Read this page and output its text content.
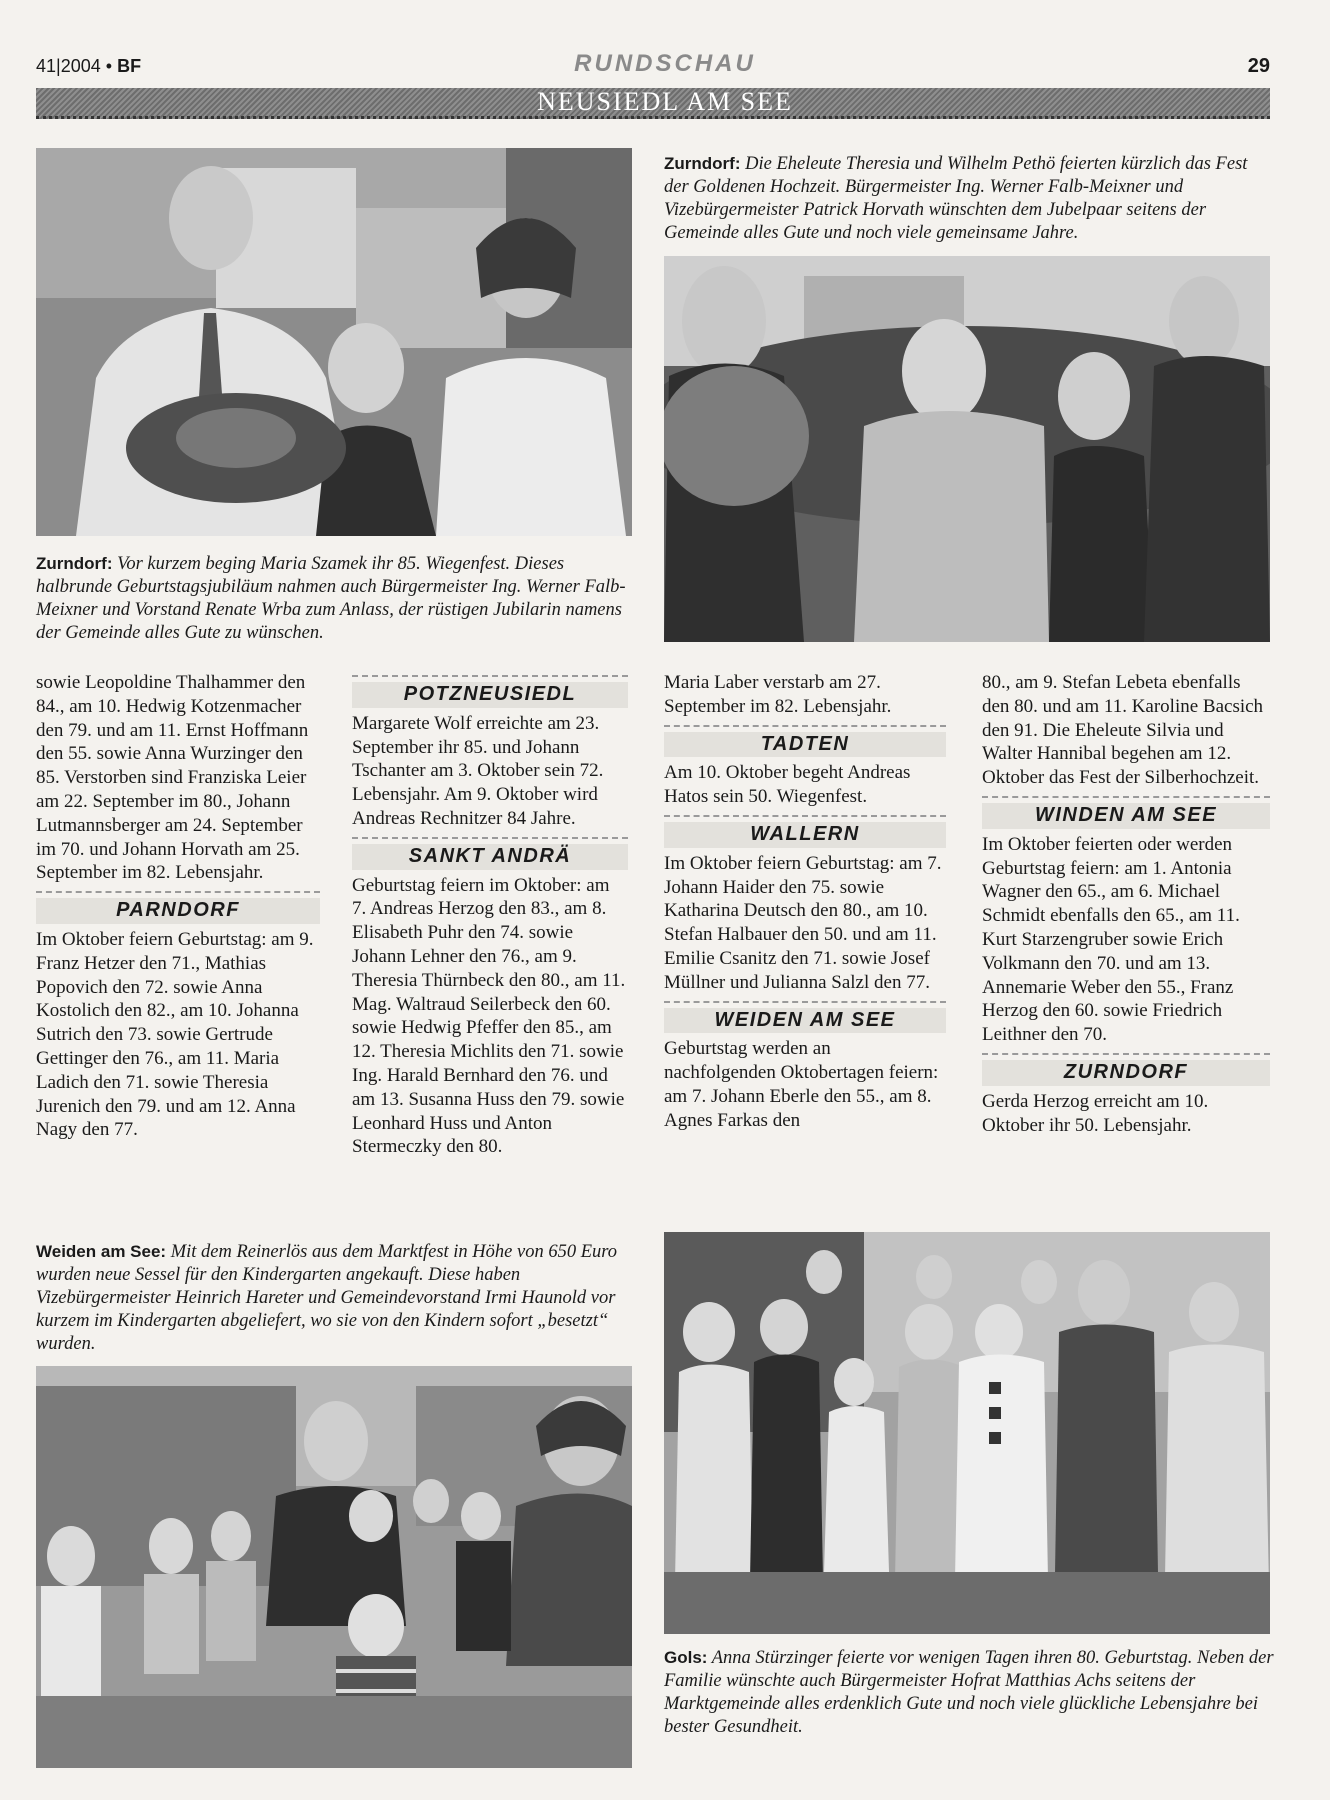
41|2004 • BF	RUNDSCHAU	29
NEUSIEDL AM SEE
Zurndorf: Vor kurzem beging Maria Szamek ihr 85. Wiegenfest. Dieses halbrunde Geburtstagsjubiläum nahmen auch Bürgermeister Ing. Werner Falb-Meixner und Vorstand Renate Wrba zum Anlass, der rüstigen Jubilarin namens der Gemeinde alles Gute zu wünschen.
Zurndorf: Die Eheleute Theresia und Wilhelm Pethö feierten kürzlich das Fest der Goldenen Hochzeit. Bürgermeister Ing. Werner Falb-Meixner und Vizebürgermeister Patrick Horvath wünschten dem Jubelpaar seitens der Gemeinde alles Gute und noch viele gemeinsame Jahre.

sowie Leopoldine Thalhammer den 84., am 10. Hedwig Kotzenmacher den 79. und am 11. Ernst Hoffmann den 55. sowie Anna Wurzinger den 85. Verstorben sind Franziska Leier am 22. September im 80., Johann Lutmannsberger am 24. September im 70. und Johann Horvath am 25. September im 82. Lebensjahr.

PARNDORF

Im Oktober feiern Geburtstag: am 9. Franz Hetzer den 71., Mathias Popovich den 72. sowie Anna Kostolich den 82., am 10. Johanna Sutrich den 73. sowie Gertrude Gettinger den 76., am 11. Maria Ladich den 71. sowie Theresia Jurenich den 79. und am 12. Anna Nagy den 77.

POTZNEUSIEDL

Margarete Wolf erreichte am 23. September ihr 85. und Johann Tschanter am 3. Oktober sein 72. Lebensjahr. Am 9. Oktober wird Andreas Rechnitzer 84 Jahre.

SANKT ANDRÄ

Geburtstag feiern im Oktober: am 7. Andreas Herzog den 83., am 8. Elisabeth Puhr den 74. sowie Johann Lehner den 76., am 9. Theresia Thürnbeck den 80., am 11. Mag. Waltraud Seilerbeck den 60. sowie Hedwig Pfeffer den 85., am 12. Theresia Michlits den 71. sowie Ing. Harald Bernhard den 76. und am 13. Susanna Huss den 79. sowie Leonhard Huss und Anton Stermeczky den 80.

Maria Laber verstarb am 27. September im 82. Lebensjahr.

TADTEN

Am 10. Oktober begeht Andreas Hatos sein 50. Wiegenfest.

WALLERN

Im Oktober feiern Geburtstag: am 7. Johann Haider den 75. sowie Katharina Deutsch den 80., am 10. Stefan Halbauer den 50. und am 11. Emilie Csanitz den 71. sowie Josef Müllner und Julianna Salzl den 77.

WEIDEN AM SEE

Geburtstag werden an nachfolgenden Oktobertagen feiern: am 7. Johann Eberle den 55., am 8. Agnes Farkas den

80., am 9. Stefan Lebeta ebenfalls den 80. und am 11. Karoline Bacsich den 91. Die Eheleute Silvia und Walter Hannibal begehen am 12. Oktober das Fest der Silberhochzeit.

WINDEN AM SEE

Im Oktober feierten oder werden Geburtstag feiern: am 1. Antonia Wagner den 65., am 6. Michael Schmidt ebenfalls den 65., am 11. Kurt Starzengruber sowie Erich Volkmann den 70. und am 13. Annemarie Weber den 55., Franz Herzog den 60. sowie Friedrich Leithner den 70.

ZURNDORF

Gerda Herzog erreicht am 10. Oktober ihr 50. Lebensjahr.

Weiden am See: Mit dem Reinerlös aus dem Marktfest in Höhe von 650 Euro wurden neue Sessel für den Kindergarten angekauft. Diese haben Vizebürgermeister Heinrich Hareter und Gemeindevorstand Irmi Haunold vor kurzem im Kindergarten abgeliefert, wo sie von den Kindern sofort „besetzt“ wurden.
Gols: Anna Stürzinger feierte vor wenigen Tagen ihren 80. Geburtstag. Neben der Familie wünschte auch Bürgermeister Hofrat Matthias Achs seitens der Marktgemeinde alles erdenklich Gute und noch viele glückliche Lebensjahre bei bester Gesundheit.
